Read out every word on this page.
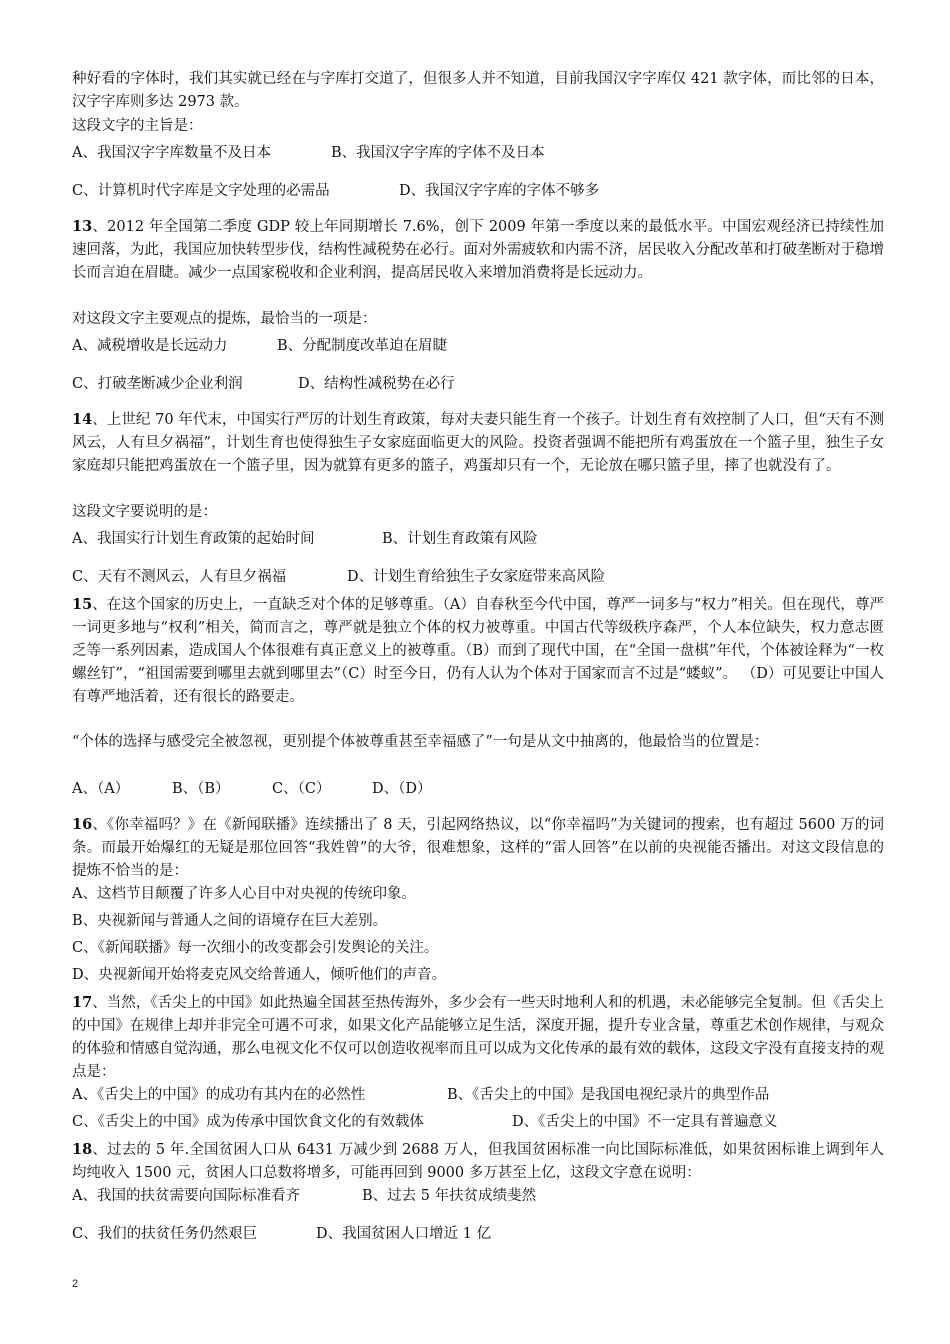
种好看的字体时，我们其实就已经在与字库打交道了，但很多人并不知道，目前我国汉字字库仅 421 款字体，而比邻的日本，汉字字库则多达 2973 款。

这段文字的主旨是：

A、我国汉字字库数量不及日本	B、我国汉字字库的字体不及日本
C、计算机时代字库是文字处理的必需品	D、我国汉字字库的字体不够多

13、2012 年全国第二季度 GDP 较上年同期增长 7.6%，创下 2009 年第一季度以来的最低水平。中国宏观经济已持续性加速回落，为此，我国应加快转型步伐，结构性减税势在必行。面对外需疲软和内需不济，居民收入分配改革和打破垄断对于稳增长而言迫在眉睫。减少一点国家税收和企业利润，提高居民收入来增加消费将是长远动力。

对这段文字主要观点的提炼，最恰当的一项是：

A、减税增收是长远动力	B、分配制度改革迫在眉睫
C、打破垄断减少企业利润	D、结构性减税势在必行

14、上世纪 70 年代末，中国实行严厉的计划生育政策，每对夫妻只能生育一个孩子。计划生育有效控制了人口，但“天有不测风云，人有旦夕祸福”，计划生育也使得独生子女家庭面临更大的风险。投资者强调不能把所有鸡蛋放在一个篮子里，独生子女家庭却只能把鸡蛋放在一个篮子里，因为就算有更多的篮子，鸡蛋却只有一个，无论放在哪只篮子里，摔了也就没有了。

这段文字要说明的是：

A、我国实行计划生育政策的起始时间	B、计划生育政策有风险
C、天有不测风云，人有旦夕祸福	D、计划生育给独生子女家庭带来高风险

15、在这个国家的历史上，一直缺乏对个体的足够尊重。（A）自春秋至今代中国，尊严一词多与“权力”相关。但在现代，尊严一词更多地与“权利”相关，简而言之，尊严就是独立个体的权力被尊重。中国古代等级秩序森严，个人本位缺失，权力意志匮乏等一系列因素，造成国人个体很难有真正意义上的被尊重。（B）而到了现代中国，在“全国一盘棋”年代，个体被诠释为“一枚螺丝钉”，“祖国需要到哪里去就到哪里去”（C）时至今日，仍有人认为个体对于国家而言不过是“蝼蚁”。 （D）可见要让中国人有尊严地活着，还有很长的路要走。

“个体的选择与感受完全被忽视，更别提个体被尊重甚至幸福感了”一句是从文中抽离的，他最恰当的位置是：

A、（A）	B、（B）	C、（C）	D、（D）

16、《你幸福吗？》在《新闻联播》连续播出了 8 天，引起网络热议，以“你幸福吗”为关键词的搜索，也有超过 5600 万的词条。而最开始爆红的无疑是那位回答“我姓曾”的大爷，很难想象，这样的“雷人回答”在以前的央视能否播出。对这文段信息的提炼不恰当的是：

A、这档节目颠覆了许多人心目中对央视的传统印象。

B、央视新闻与普通人之间的语境存在巨大差别。

C、《新闻联播》每一次细小的改变都会引发舆论的关注。

D、央视新闻开始将麦克风交给普通人，倾听他们的声音。

17、当然，《舌尖上的中国》如此热遍全国甚至热传海外，多少会有一些天时地利人和的机遇，未必能够完全复制。但《舌尖上的中国》在规律上却并非完全可遇不可求，如果文化产品能够立足生活，深度开掘，提升专业含量，尊重艺术创作规律，与观众的体验和情感自觉沟通，那么电视文化不仅可以创造收视率而且可以成为文化传承的最有效的载体，这段文字没有直接支持的观点是：

A、《舌尖上的中国》的成功有其内在的必然性	B、《舌尖上的中国》是我国电视纪录片的典型作品
C、《舌尖上的中国》成为传承中国饮食文化的有效载体	D、《舌尖上的中国》不一定具有普遍意义

18、过去的 5 年.全国贫困人口从 6431 万减少到 2688 万人，但我国贫困标准一向比国际标准低，如果贫困标谁上调到年人均纯收入 1500 元，贫困人口总数将增多，可能再回到 9000 多万甚至上亿，这段文字意在说明：

A、我国的扶贫需要向国际标准看齐	B、过去 5 年扶贫成绩斐然
C、我们的扶贫任务仍然艰巨	D、我国贫困人口增近 1 亿
2
